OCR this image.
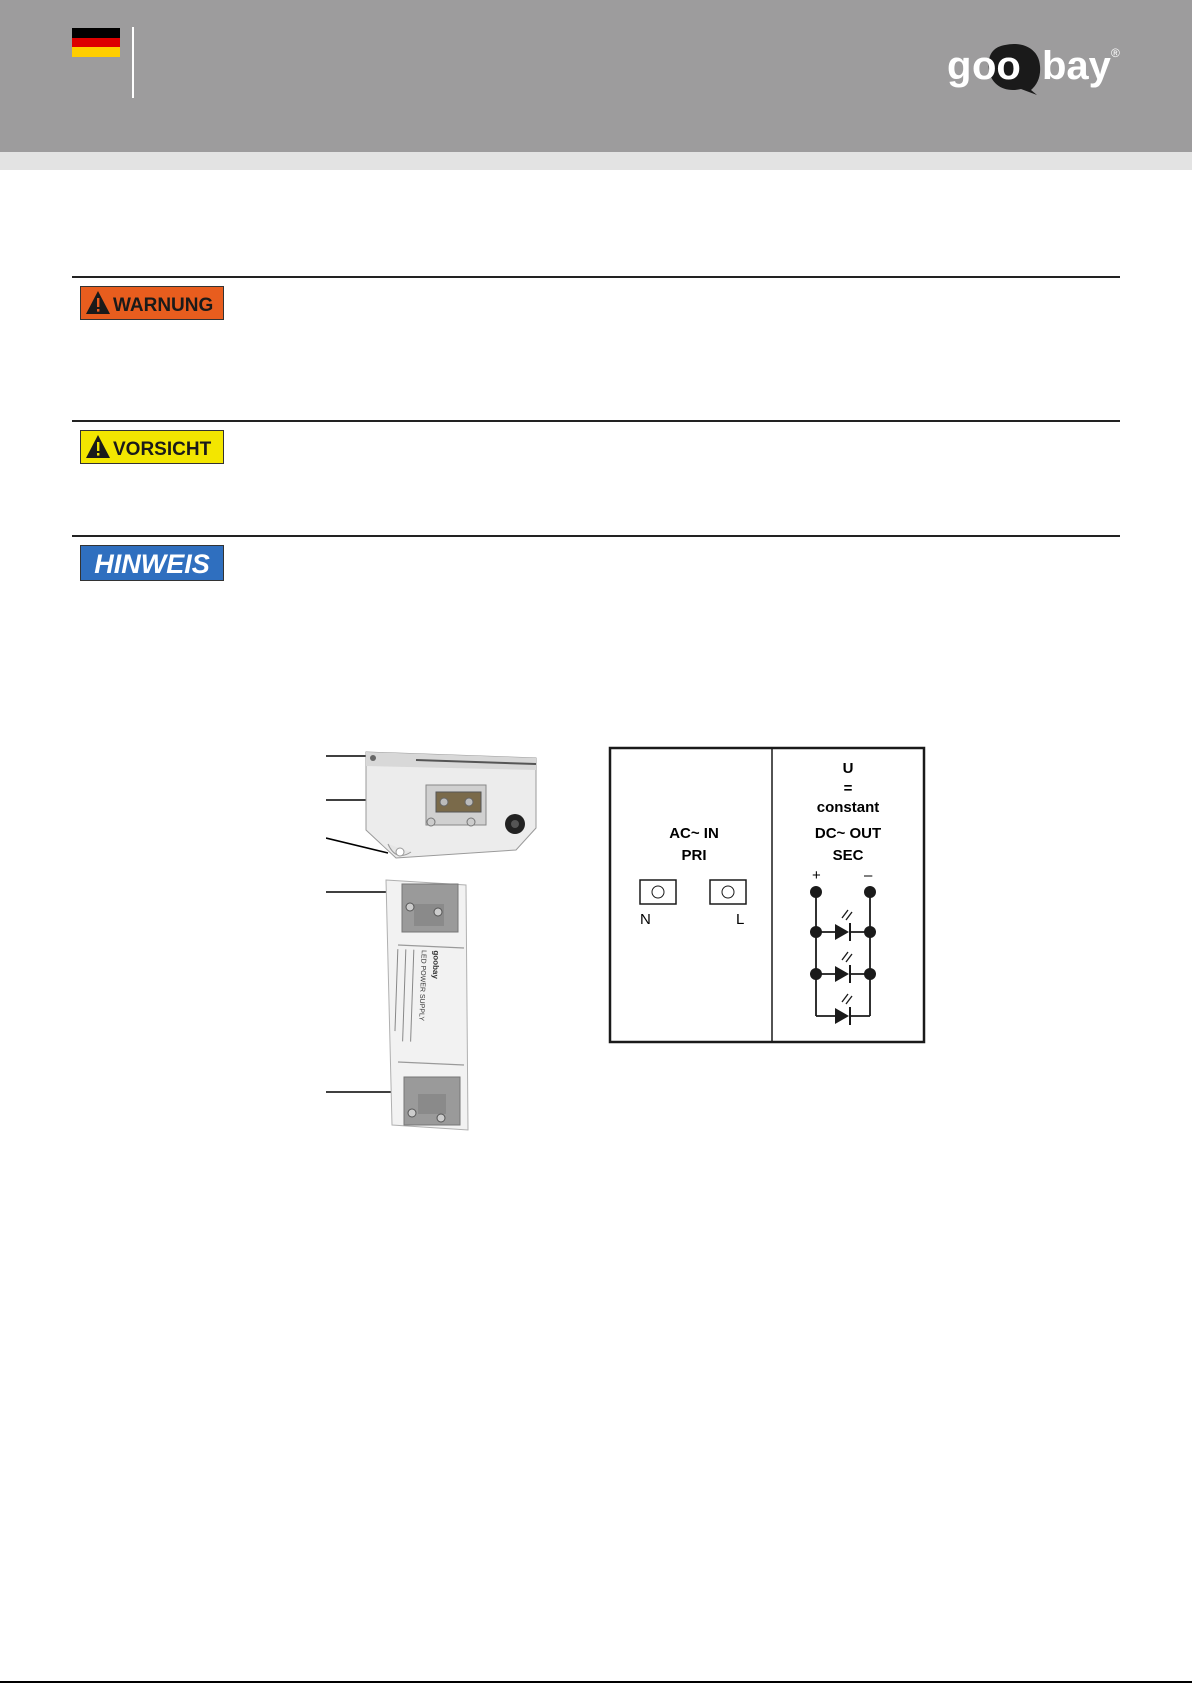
g oo bay ®
WARNUNG
VORSICHT
HINWEIS
goobay
LED POWER SUPPLY
AC~ IN
PRI
N	L
U
=
constant
DC~ OUT
SEC
+	–
